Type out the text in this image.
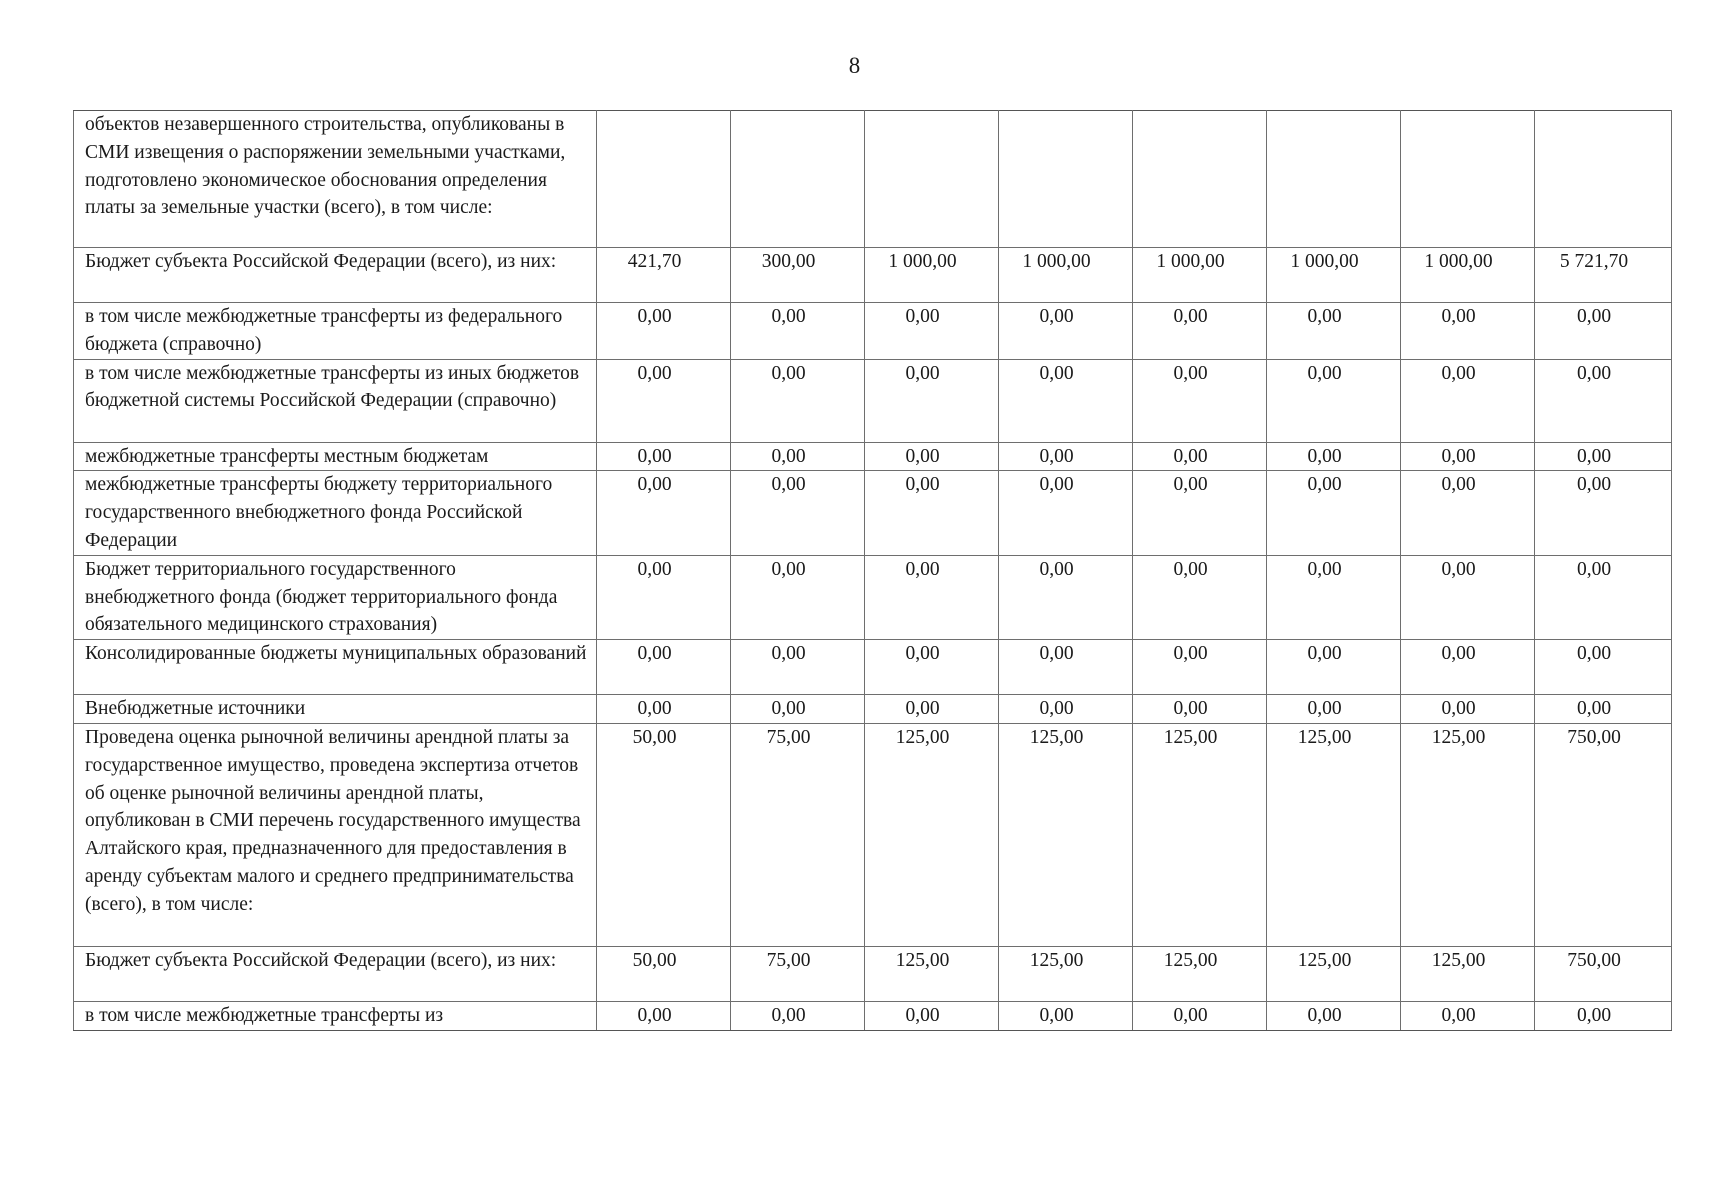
8
объектов незавершенного строительства, опубликованы в СМИ извещения о распоряжении земельными участками, подготовлено экономическое обоснования определения платы за земельные участки (всего), в том числе:								
Бюджет субъекта Российской Федерации (всего), из них:	421,70	300,00	1 000,00	1 000,00	1 000,00	1 000,00	1 000,00	5 721,70
в том числе межбюджетные трансферты из федерального бюджета (справочно)	0,00	0,00	0,00	0,00	0,00	0,00	0,00	0,00
в том числе межбюджетные трансферты из иных бюджетов бюджетной системы Российской Федерации (справочно)	0,00	0,00	0,00	0,00	0,00	0,00	0,00	0,00
межбюджетные трансферты местным бюджетам	0,00	0,00	0,00	0,00	0,00	0,00	0,00	0,00
межбюджетные трансферты бюджету территориального государственного внебюджетного фонда Российской Федерации	0,00	0,00	0,00	0,00	0,00	0,00	0,00	0,00
Бюджет территориального государственного внебюджетного фонда (бюджет территориального фонда обязательного медицинского страхования)	0,00	0,00	0,00	0,00	0,00	0,00	0,00	0,00
Консолидированные бюджеты муниципальных образований	0,00	0,00	0,00	0,00	0,00	0,00	0,00	0,00
Внебюджетные источники	0,00	0,00	0,00	0,00	0,00	0,00	0,00	0,00
Проведена оценка рыночной величины арендной платы за государственное имущество, проведена экспертиза отчетов об оценке рыночной величины арендной платы, опубликован в СМИ перечень государственного имущества Алтайского края, предназначенного для предоставления в аренду субъектам малого и среднего предпринимательства (всего), в том числе:	50,00	75,00	125,00	125,00	125,00	125,00	125,00	750,00
Бюджет субъекта Российской Федерации (всего), из них:	50,00	75,00	125,00	125,00	125,00	125,00	125,00	750,00
в том числе межбюджетные трансферты из	0,00	0,00	0,00	0,00	0,00	0,00	0,00	0,00
